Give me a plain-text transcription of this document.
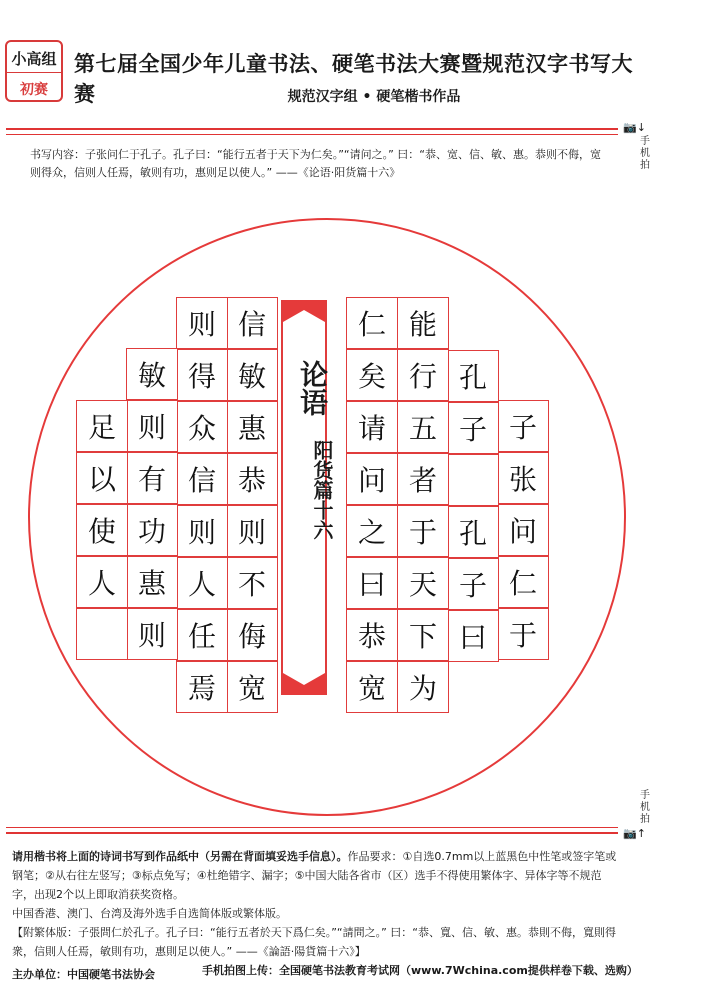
小高组
初赛
第七届全国少年儿童书法、硬笔书法大赛暨规范汉字书写大赛	规范汉字组 • 硬笔楷书作品
📷↓
手机拍
书写内容：子张问仁于孔子。孔子曰：“能行五者于天下为仁矣。”“请问之。” 曰：“恭、宽、信、敏、惠。恭则不侮，宽则得众，信则人任焉，敏则有功，惠则足以使人。” ——《论语·阳货篇十六》
子
张
问
仁
于
孔
子
孔
子
曰
能
行
五
者
于
天
下
为
仁
矣
请
问
之
曰
恭
宽
信
敏
惠
恭
则
不
侮
宽
则
得
众
信
则
人
任
焉
敏
则
有
功
惠
则
足
以
使
人
论语
阳货篇十六
手机拍
📷↑
请用楷书将上面的诗词书写到作品纸中（另需在背面填妥选手信息）。作品要求：①自选0.7mm以上蓝黑色中性笔或签字笔或钢笔；②从右往左竖写；③标点免写；④杜绝错字、漏字；⑤中国大陆各省市（区）选手不得使用繁体字、异体字等不规范字，出现2个以上即取消获奖资格。
中国香港、澳门、台湾及海外选手自选简体版或繁体版。
【附繁体版：子張問仁於孔子。孔子曰：“能行五者於天下爲仁矣。”“請問之。” 曰：“恭、寬、信、敏、惠。恭則不侮，寬則得衆，信則人任焉，敏則有功，惠則足以使人。” ——《論語·陽貨篇十六》】
主办单位：中国硬笔书法协会	手机拍图上传：全国硬笔书法教育考试网（www.7Wchina.com提供样卷下载、选购）
